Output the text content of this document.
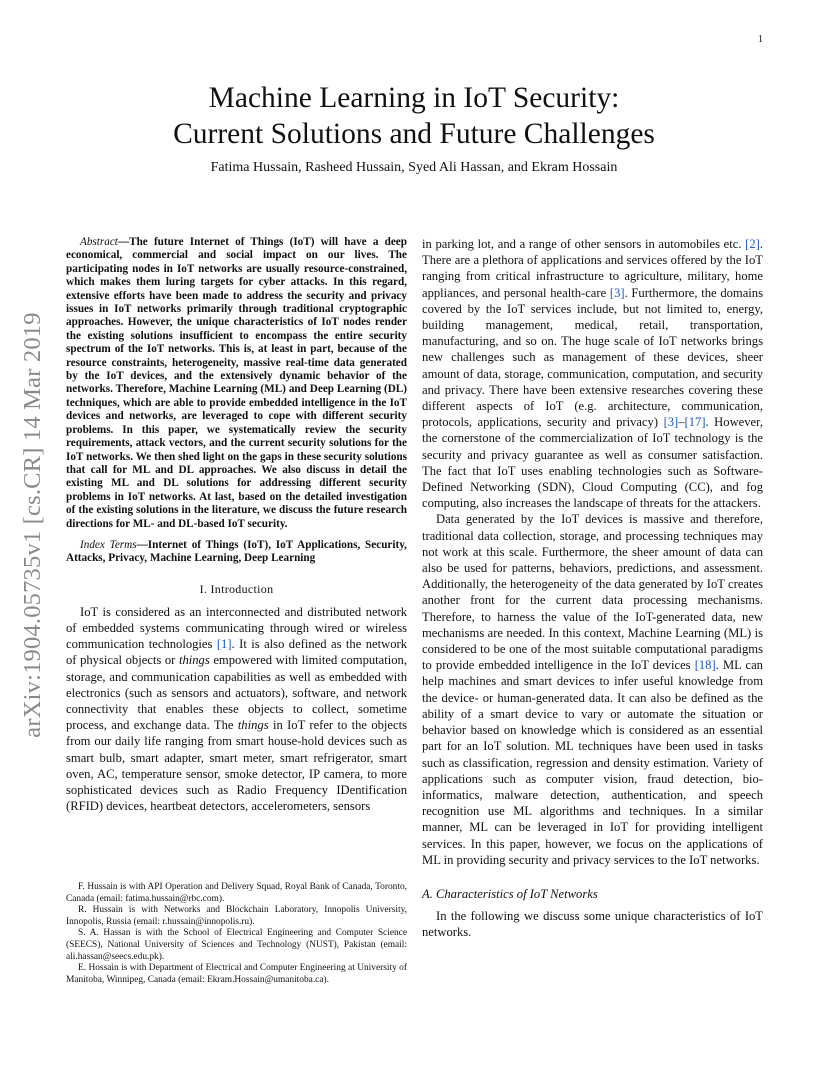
1
arXiv:1904.05735v1 [cs.CR] 14 Mar 2019
Machine Learning in IoT Security:
Current Solutions and Future Challenges
Fatima Hussain, Rasheed Hussain, Syed Ali Hassan, and Ekram Hossain

Abstract—The future Internet of Things (IoT) will have a deep economical, commercial and social impact on our lives. The participating nodes in IoT networks are usually resource-constrained, which makes them luring targets for cyber attacks. In this regard, extensive efforts have been made to address the security and privacy issues in IoT networks primarily through traditional cryptographic approaches. However, the unique characteristics of IoT nodes render the existing solutions insufficient to encompass the entire security spectrum of the IoT networks. This is, at least in part, because of the resource constraints, heterogeneity, massive real-time data generated by the IoT devices, and the extensively dynamic behavior of the networks. Therefore, Machine Learning (ML) and Deep Learning (DL) techniques, which are able to provide embedded intelligence in the IoT devices and networks, are leveraged to cope with different security problems. In this paper, we systematically review the security requirements, attack vectors, and the current security solutions for the IoT networks. We then shed light on the gaps in these security solutions that call for ML and DL approaches. We also discuss in detail the existing ML and DL solutions for addressing different security problems in IoT networks. At last, based on the detailed investigation of the existing solutions in the literature, we discuss the future research directions for ML- and DL-based IoT security.

Index Terms—Internet of Things (IoT), IoT Applications, Security, Attacks, Privacy, Machine Learning, Deep Learning

I. Introduction

IoT is considered as an interconnected and distributed network of embedded systems communicating through wired or wireless communication technologies [1]. It is also defined as the network of physical objects or things empowered with limited computation, storage, and communication capabilities as well as embedded with electronics (such as sensors and actuators), software, and network connectivity that enables these objects to collect, sometime process, and exchange data. The things in IoT refer to the objects from our daily life ranging from smart house-hold devices such as smart bulb, smart adapter, smart meter, smart refrigerator, smart oven, AC, temperature sensor, smoke detector, IP camera, to more sophisticated devices such as Radio Frequency IDentification (RFID) devices, heartbeat detectors, accelerometers, sensors

F. Hussain is with API Operation and Delivery Squad, Royal Bank of Canada, Toronto, Canada (email: fatima.hussain@rbc.com).

R. Hussain is with Networks and Blockchain Laboratory, Innopolis University, Innopolis, Russia (email: r.hussain@innopolis.ru).

S. A. Hassan is with the School of Electrical Engineering and Computer Science (SEECS), National University of Sciences and Technology (NUST), Pakistan (email: ali.hassan@seecs.edu.pk).

E. Hossain is with Department of Electrical and Computer Engineering at University of Manitoba, Winnipeg, Canada (email: Ekram.Hossain@umanitoba.ca).

in parking lot, and a range of other sensors in automobiles etc. [2]. There are a plethora of applications and services offered by the IoT ranging from critical infrastructure to agriculture, military, home appliances, and personal health-care [3]. Furthermore, the domains covered by the IoT services include, but not limited to, energy, building management, medical, retail, transportation, manufacturing, and so on. The huge scale of IoT networks brings new challenges such as management of these devices, sheer amount of data, storage, communication, computation, and security and privacy. There have been extensive researches covering these different aspects of IoT (e.g. architecture, communication, protocols, applications, security and privacy) [3]–[17]. However, the cornerstone of the commercialization of IoT technology is the security and privacy guarantee as well as consumer satisfaction. The fact that IoT uses enabling technologies such as Software-Defined Networking (SDN), Cloud Computing (CC), and fog computing, also increases the landscape of threats for the attackers.

Data generated by the IoT devices is massive and therefore, traditional data collection, storage, and processing techniques may not work at this scale. Furthermore, the sheer amount of data can also be used for patterns, behaviors, predictions, and assessment. Additionally, the heterogeneity of the data generated by IoT creates another front for the current data processing mechanisms. Therefore, to harness the value of the IoT-generated data, new mechanisms are needed. In this context, Machine Learning (ML) is considered to be one of the most suitable computational paradigms to provide embedded intelligence in the IoT devices [18]. ML can help machines and smart devices to infer useful knowledge from the device- or human-generated data. It can also be defined as the ability of a smart device to vary or automate the situation or behavior based on knowledge which is considered as an essential part for an IoT solution. ML techniques have been used in tasks such as classification, regression and density estimation. Variety of applications such as computer vision, fraud detection, bio-informatics, malware detection, authentication, and speech recognition use ML algorithms and techniques. In a similar manner, ML can be leveraged in IoT for providing intelligent services. In this paper, however, we focus on the applications of ML in providing security and privacy services to the IoT networks.

A. Characteristics of IoT Networks

In the following we discuss some unique characteristics of IoT networks.
